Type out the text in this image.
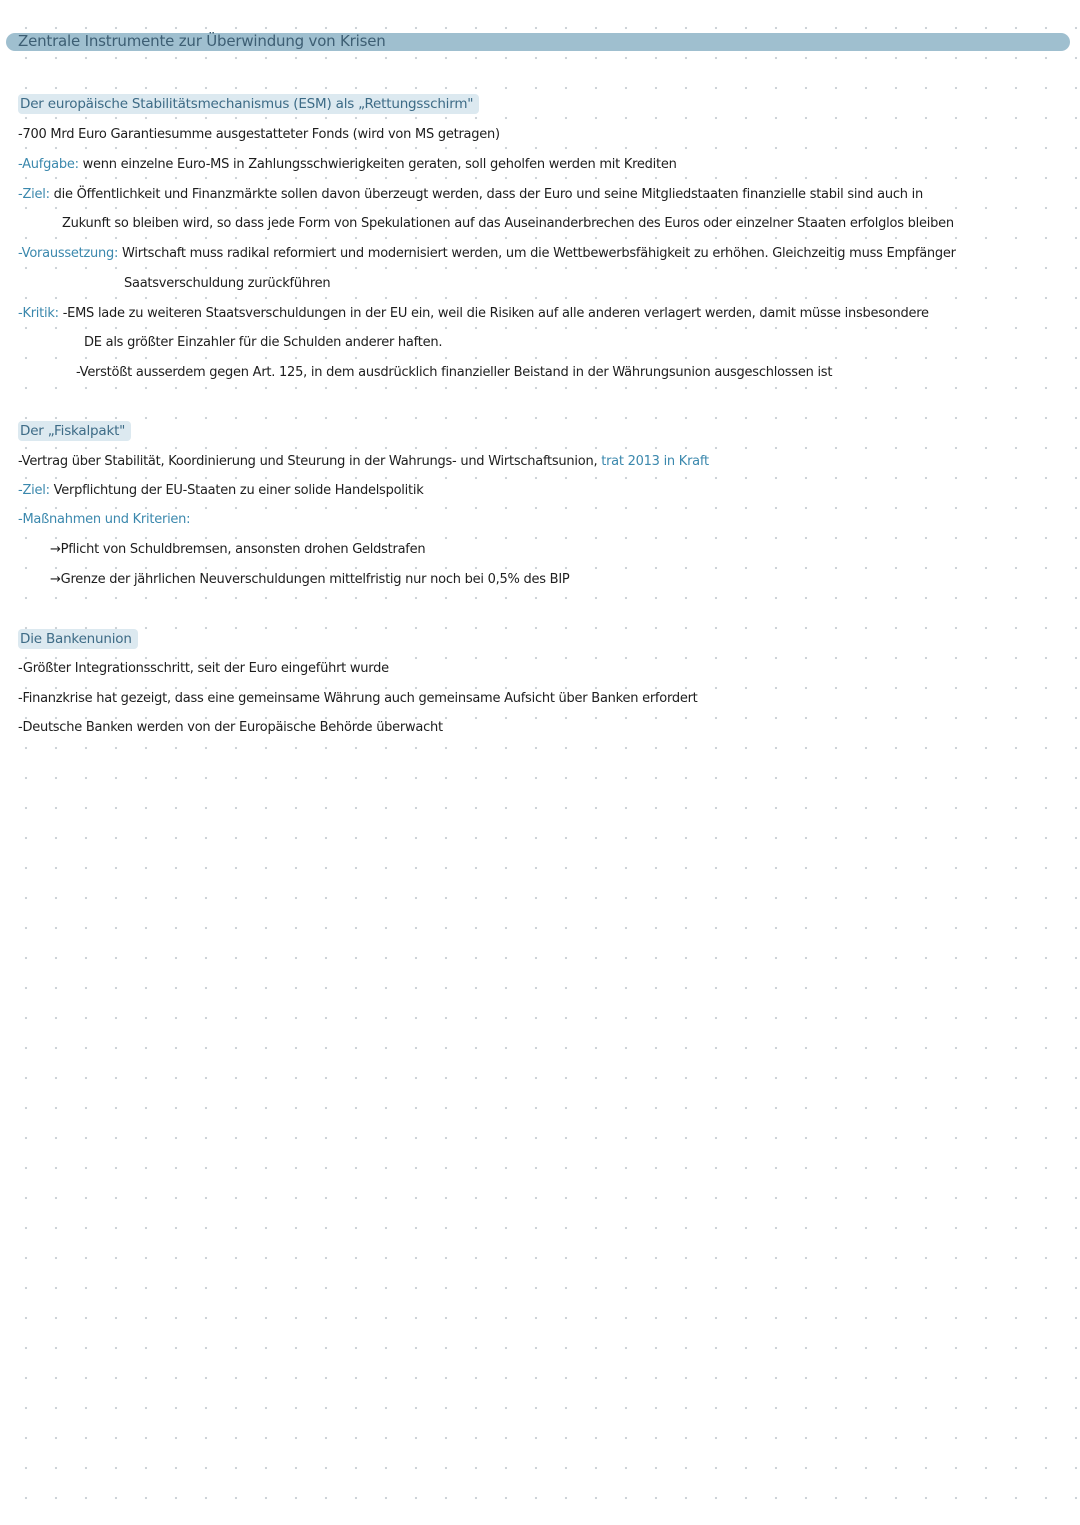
Zentrale Instrumente zur Überwindung von Krisen
Der europäische Stabilitätsmechanismus (ESM) als „Rettungsschirm"
-700 Mrd Euro Garantiesumme ausgestatteter Fonds (wird von MS getragen)
-Aufgabe: wenn einzelne Euro-MS in Zahlungsschwierigkeiten geraten, soll geholfen werden mit Krediten
-Ziel: die Öffentlichkeit und Finanzmärkte sollen davon überzeugt werden, dass der Euro und seine Mitgliedstaaten finanzielle stabil sind auch in
Zukunft so bleiben wird, so dass jede Form von Spekulationen auf das Auseinanderbrechen des Euros oder einzelner Staaten erfolglos bleiben
-Voraussetzung: Wirtschaft muss radikal reformiert und modernisiert werden, um die Wettbewerbsfähigkeit zu erhöhen. Gleichzeitig muss Empfänger
Saatsverschuldung zurückführen
-Kritik: -EMS lade zu weiteren Staatsverschuldungen in der EU ein, weil die Risiken auf alle anderen verlagert werden, damit müsse insbesondere
DE als größter Einzahler für die Schulden anderer haften.
-Verstößt ausserdem gegen Art. 125, in dem ausdrücklich finanzieller Beistand in der Währungsunion ausgeschlossen ist
Der „Fiskalpakt"
-Vertrag über Stabilität, Koordinierung und Steurung in der Wahrungs- und Wirtschaftsunion, trat 2013 in Kraft
-Ziel: Verpflichtung der EU-Staaten zu einer solide Handelspolitik
-Maßnahmen und Kriterien:
→Pflicht von Schuldbremsen, ansonsten drohen Geldstrafen
→Grenze der jährlichen Neuverschuldungen mittelfristig nur noch bei 0,5% des BIP
Die Bankenunion
-Größter Integrationsschritt, seit der Euro eingeführt wurde
-Finanzkrise hat gezeigt, dass eine gemeinsame Währung auch gemeinsame Aufsicht über Banken erfordert
-Deutsche Banken werden von der Europäische Behörde überwacht
